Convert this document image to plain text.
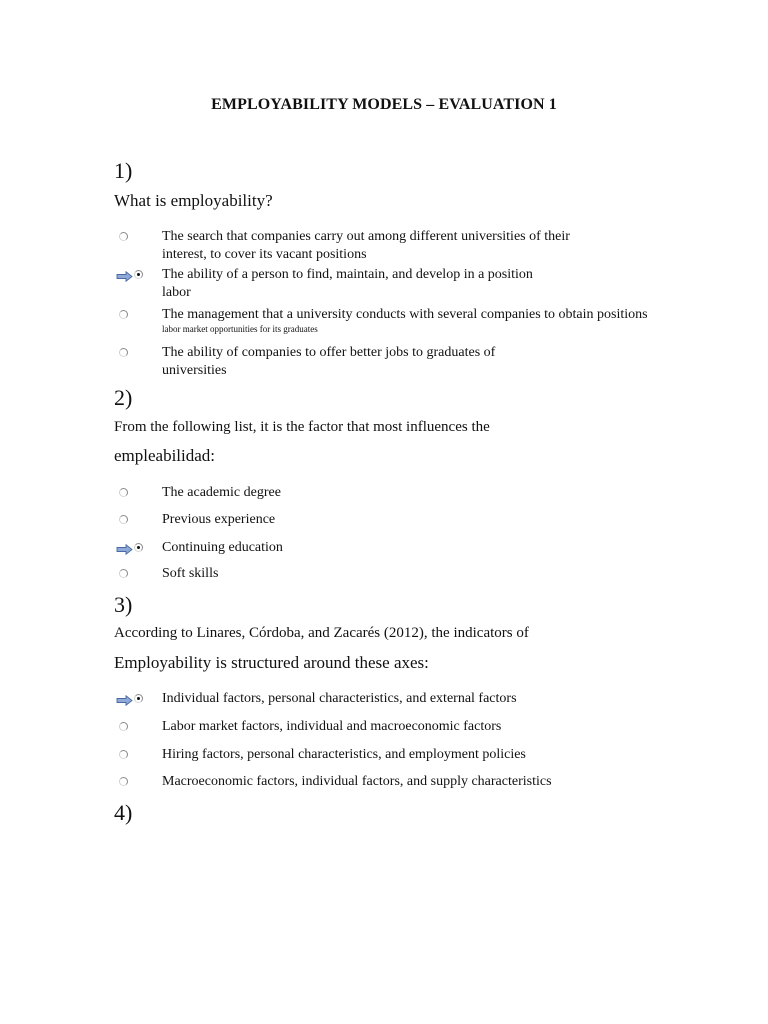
EMPLOYABILITY MODELS – EVALUATION 1
1)
What is employability?
The search that companies carry out among different universities of their
interest, to cover its vacant positions
The ability of a person to find, maintain, and develop in a position
labor
The management that a university conducts with several companies to obtain positions
labor market opportunities for its graduates
The ability of companies to offer better jobs to graduates of
universities
2)
From the following list, it is the factor that most influences the
empleabilidad:
The academic degree
Previous experience
Continuing education
Soft skills
3)
According to Linares, Córdoba, and Zacarés (2012), the indicators of
Employability is structured around these axes:
Individual factors, personal characteristics, and external factors
Labor market factors, individual and macroeconomic factors
Hiring factors, personal characteristics, and employment policies
Macroeconomic factors, individual factors, and supply characteristics
4)
